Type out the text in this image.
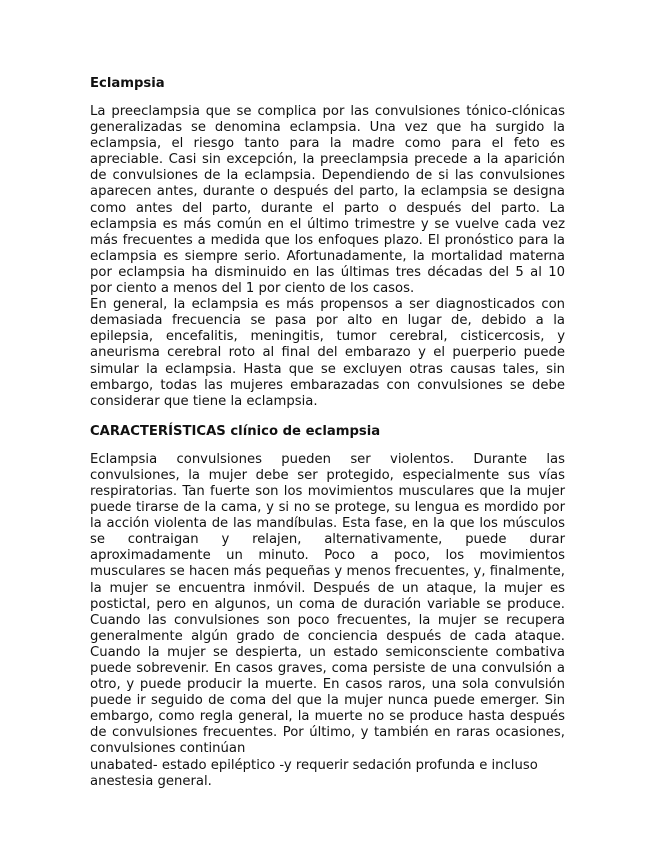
Eclampsia

La preeclampsia que se complica por las convulsiones tónico-clónicas generalizadas se denomina eclampsia. Una vez que ha surgido la eclampsia, el riesgo tanto para la madre como para el feto es apreciable. Casi sin excepción, la preeclampsia precede a la aparición de convulsiones de la eclampsia. Dependiendo de si las convulsiones aparecen antes, durante o después del parto, la eclampsia se designa como antes del parto, durante el parto o después del parto. La eclampsia es más común en el último trimestre y se vuelve cada vez más frecuentes a medida que los enfoques plazo. El pronóstico para la eclampsia es siempre serio. Afortunadamente, la mortalidad materna por eclampsia ha disminuido en las últimas tres décadas del 5 al 10 por ciento a menos del 1 por ciento de los casos.

En general, la eclampsia es más propensos a ser diagnosticados con demasiada frecuencia se pasa por alto en lugar de, debido a la epilepsia, encefalitis, meningitis, tumor cerebral, cisticercosis, y aneurisma cerebral roto al final del embarazo y el puerperio puede simular la eclampsia. Hasta que se excluyen otras causas tales, sin embargo, todas las mujeres embarazadas con convulsiones se debe considerar que tiene la eclampsia.

CARACTERÍSTICAS clínico de eclampsia

Eclampsia convulsiones pueden ser violentos. Durante las convulsiones, la mujer debe ser protegido, especialmente sus vías respiratorias. Tan fuerte son los movimientos musculares que la mujer puede tirarse de la cama, y si no se protege, su lengua es mordido por la acción violenta de las mandíbulas. Esta fase, en la que los músculos se contraigan y relajen, alternativamente, puede durar aproximadamente un minuto. Poco a poco, los movimientos musculares se hacen más pequeñas y menos frecuentes, y, finalmente, la mujer se encuentra inmóvil. Después de un ataque, la mujer es postictal, pero en algunos, un coma de duración variable se produce. Cuando las convulsiones son poco frecuentes, la mujer se recupera generalmente algún grado de conciencia después de cada ataque. Cuando la mujer se despierta, un estado semiconsciente combativa puede sobrevenir. En casos graves, coma persiste de una convulsión a otro, y puede producir la muerte. En casos raros, una sola convulsión puede ir seguido de coma del que la mujer nunca puede emerger. Sin embargo, como regla general, la muerte no se produce hasta después de convulsiones frecuentes. Por último, y también en raras ocasiones, convulsiones continúan

unabated- estado epiléptico -y requerir sedación profunda e incluso anestesia general.
